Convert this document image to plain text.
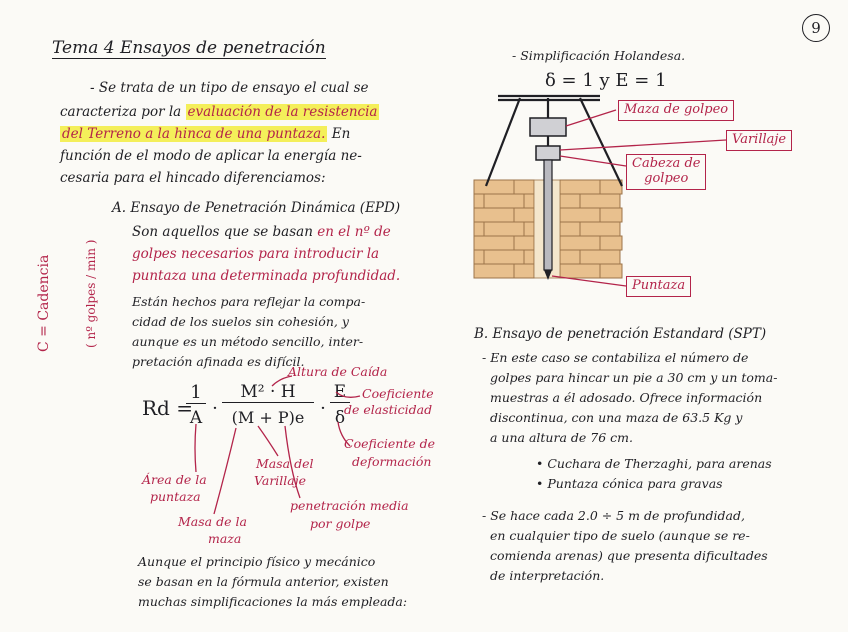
9
Tema 4 Ensayos de penetración
- Se trata de un tipo de ensayo el cual se
caracteriza por la evaluación de la resistencia
del Terreno a la hinca de una puntaza. En
función de el modo de aplicar la energía ne-
cesaria para el hincado diferenciamos:
A. Ensayo de Penetración Dinámica (EPD)
Son aquellos que se basan en el nº de
golpes necesarios para introducir la
puntaza una determinada profundidad.
Están hechos para reflejar la compa-
cidad de los suelos sin cohesión, y
aunque es un método sencillo, inter-
pretación afinada es difícil.
C = Cadencia	( nº golpes / min )
Rd =
1
A ·
M² · H
(M + P)e ·
E
δ
Altura de Caída
Coeficiente
de elasticidad
Coeficiente de
deformación
Área de la
puntaza
Masa del
Varillaje
penetración media
por golpe
Masa de la
maza
Aunque el principio físico y mecánico
se basan en la fórmula anterior, existen
muchas simplificaciones la más empleada:
- Simplificación Holandesa.
δ = 1 y E = 1
Maza de golpeo
Varillaje
Cabeza de
golpeo
Puntaza
B. Ensayo de penetración Estandard (SPT)
- En este caso se contabiliza el número de
golpes para hincar un pie a 30 cm y un toma-
muestras a él adosado. Ofrece información
discontinua, con una maza de 63.5 Kg y
a una altura de 76 cm.
• Cuchara de Therzaghi, para arenas
• Puntaza cónica para gravas
- Se hace cada 2.0 ÷ 5 m de profundidad,
en cualquier tipo de suelo (aunque se re-
comienda arenas) que presenta dificultades
de interpretación.
